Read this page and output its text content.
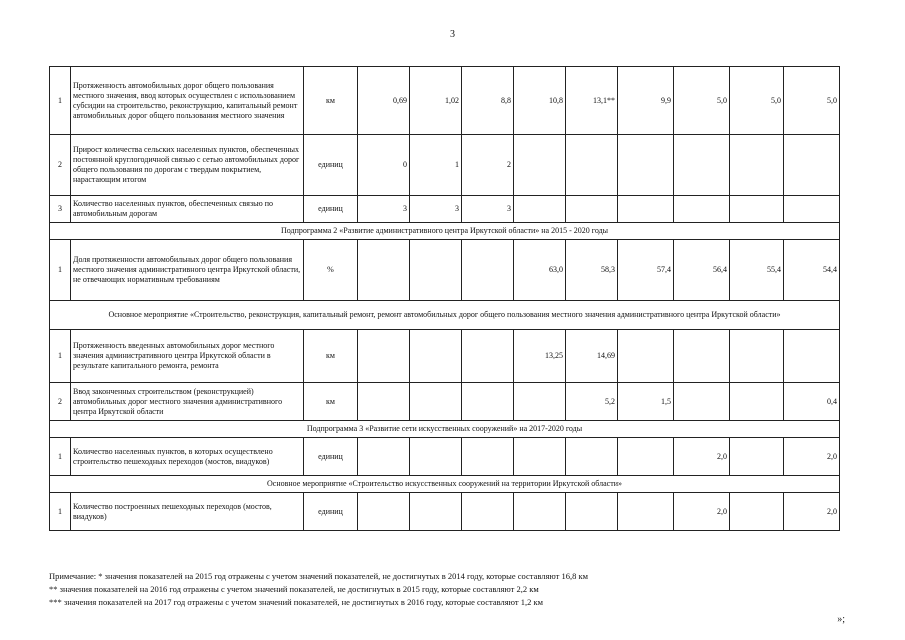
3
1	Протяженность автомобильных дорог общего пользования местного значения, ввод которых осуществлен с использованием субсидии на строительство, реконструкцию, капитальный ремонт автомобильных дорог общего пользования местного значения	км	0,69	1,02	8,8	10,8	13,1**	9,9	5,0	5,0	5,0
2	Прирост количества сельских населенных пунктов, обеспеченных постоянной круглогодичной связью с сетью автомобильных дорог общего пользования по дорогам с твердым покрытием, нарастающим итогом	единиц	0	1	2						
3	Количество населенных пунктов, обеспеченных связью по автомобильным дорогам	единиц	3	3	3						
Подпрограмма 2 «Развитие административного центра Иркутской области» на 2015 - 2020 годы											
1	Доля протяженности автомобильных дорог общего пользования местного значения административного центра Иркутской области, не отвечающих нормативным требованиям	%				63,0	58,3	57,4	56,4	55,4	54,4
Основное мероприятие «Строительство, реконструкция, капитальный ремонт, ремонт автомобильных дорог общего пользования местного значения административного центра Иркутской области»											
1	Протяженность введенных автомобильных дорог местного значения административного центра Иркутской области в результате капитального ремонта, ремонта	км				13,25	14,69				
2	Ввод законченных строительством (реконструкцией) автомобильных дорог местного значения административного центра Иркутской области	км					5,2	1,5			0,4
Подпрограмма 3 «Развитие сети искусственных сооружений» на 2017-2020 годы											
1	Количество населенных пунктов, в которых осуществлено строительство пешеходных переходов (мостов, виадуков)	единиц							2,0		2,0
Основное мероприятие «Строительство искусственных сооружений на территории Иркутской области»											
1	Количество построенных пешеходных переходов (мостов, виадуков)	единиц							2,0		2,0
Примечание: * значения показателей на 2015 год отражены с учетом значений показателей, не достигнутых в 2014 году, которые составляют 16,8 км
** значения показателей на 2016 год отражены с учетом значений показателей, не достигнутых в 2015 году, которые составляют 2,2 км
*** значения показателей на 2017 год отражены с учетом значений показателей, не достигнутых в 2016 году, которые составляют 1,2 км
»;
